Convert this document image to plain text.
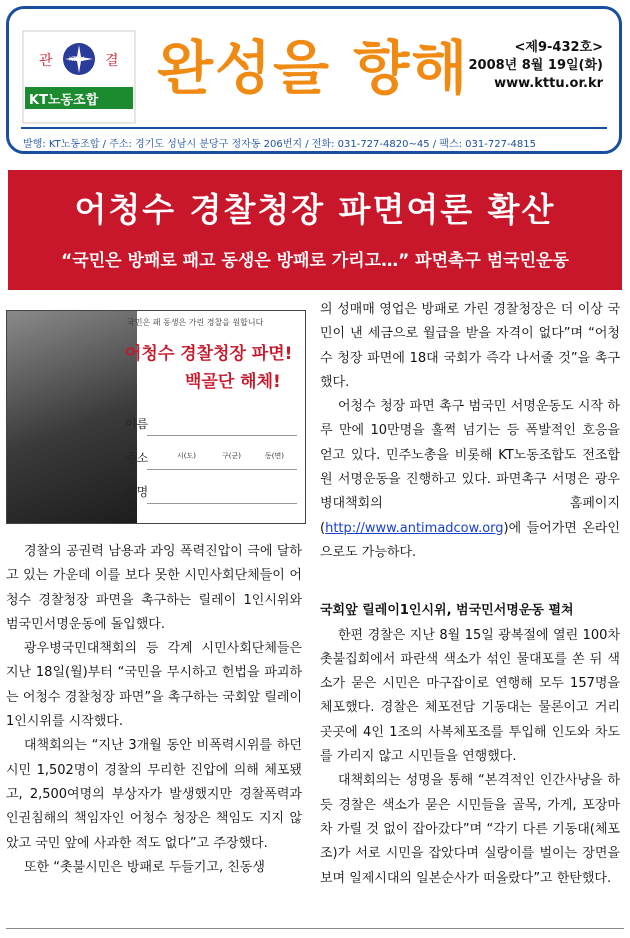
관	결
KTTU
KT노동조합 완성을 향해	<제9-432호>
2008년 8월 19일(화)
www.kttu.or.kr
발행: KT노동조합 / 주소: 경기도 성남시 분당구 정자동 206번지 / 전화: 031-727-4820~45 / 팩스: 031-727-4815
어청수 경찰청장 파면여론 확산
“국민은 방패로 패고 동생은 방패로 가리고…” 파면촉구 범국민운동
국민은 패 동생은 가린 경찰을 원합니다
어청수 경찰청장 파면!
백골단 해체!
이름
주소	시(도)	구(군)	동(면)
서명

경찰의 공권력 남용과 과잉 폭력진압이 극에 달하고 있는 가운데 이를 보다 못한 시민사회단체들이 어청수 경찰청장 파면을 촉구하는 릴레이 1인시위와 범국민서명운동에 돌입했다.

광우병국민대책회의 등 각계 시민사회단체들은 지난 18일(월)부터 “국민을 무시하고 헌법을 파괴하는 어청수 경찰청장 파면”을 촉구하는 국회앞 릴레이 1인시위를 시작했다.

대책회의는 “지난 3개월 동안 비폭력시위를 하던 시민 1,502명이 경찰의 무리한 진압에 의해 체포됐고, 2,500여명의 부상자가 발생했지만 경찰폭력과 인권침해의 책임자인 어청수 청장은 책임도 지지 않았고 국민 앞에 사과한 적도 없다”고 주장했다.

또한 “촛불시민은 방패로 두들기고, 친동생

의 성매매 영업은 방패로 가린 경찰청장은 더 이상 국민이 낸 세금으로 월급을 받을 자격이 없다”며 “어청수 청장 파면에 18대 국회가 즉각 나서줄 것”을 촉구했다.

어청수 청장 파면 촉구 범국민 서명운동도 시작 하루 만에 10만명을 훌쩍 넘기는 등 폭발적인 호응을 얻고 있다. 민주노총을 비롯해 KT노동조합도 전조합원 서명운동을 진행하고 있다. 파면촉구 서명은 광우병대책회의 홈페이지 (http://www.antimadcow.org)에 들어가면 온라인으로도 가능하다.

국회앞 릴레이1인시위, 범국민서명운동 펼쳐

한편 경찰은 지난 8월 15일 광복절에 열린 100차 촛불집회에서 파란색 색소가 섞인 물대포를 쏜 뒤 색소가 묻은 시민은 마구잡이로 연행해 모두 157명을 체포했다. 경찰은 체포전담 기동대는 물론이고 거리 곳곳에 4인 1조의 사복체포조를 투입해 인도와 차도를 가리지 않고 시민들을 연행했다.

대책회의는 성명을 통해 “본격적인 인간사냥을 하듯 경찰은 색소가 묻은 시민들을 골목, 가게, 포장마차 가릴 것 없이 잡아갔다”며 “각기 다른 기동대(체포조)가 서로 시민을 잡았다며 실랑이를 벌이는 장면을 보며 일제시대의 일본순사가 떠올랐다”고 한탄했다.
